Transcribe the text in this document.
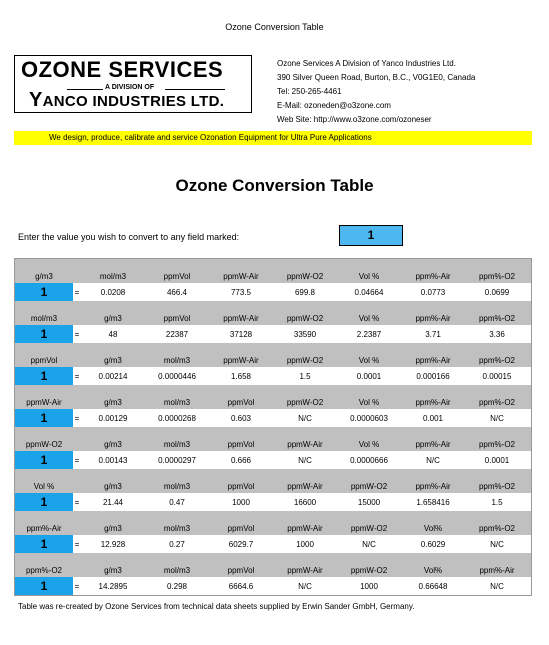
Ozone Conversion Table
OZONE SERVICES
A DIVISION OF
YANCO INDUSTRIES LTD.
Ozone Services A Division of Yanco Industries Ltd.
390 Silver Queen Road, Burton, B.C., V0G1E0, Canada
Tel: 250-265-4461
E-Mail: ozoneden@o3zone.com
Web Site: http://www.o3zone.com/ozoneser
We design, produce, calibrate and service Ozonation Equipment for Ultra Pure Applications
Ozone Conversion Table
Enter the value you wish to convert to any field marked:	1
g/m3	mol/m3	ppmVol	ppmW-Air	ppmW-O2	Vol %	ppm%-Air	ppm%-O2
1	=	0.0208	466.4	773.5	699.8	0.04664	0.0773	0.0699
mol/m3	g/m3	ppmVol	ppmW-Air	ppmW-O2	Vol %	ppm%-Air	ppm%-O2
1	=	48	22387	37128	33590	2.2387	3.71	3.36
ppmVol	g/m3	mol/m3	ppmW-Air	ppmW-O2	Vol %	ppm%-Air	ppm%-O2
1	=	0.00214	0.0000446	1.658	1.5	0.0001	0.000166	0.00015
ppmW-Air	g/m3	mol/m3	ppmVol	ppmW-O2	Vol %	ppm%-Air	ppm%-O2
1	=	0.00129	0.0000268	0.603	N/C	0.0000603	0.001	N/C
ppmW-O2	g/m3	mol/m3	ppmVol	ppmW-Air	Vol %	ppm%-Air	ppm%-O2
1	=	0.00143	0.0000297	0.666	N/C	0.0000666	N/C	0.0001
Vol %	g/m3	mol/m3	ppmVol	ppmW-Air	ppmW-O2	ppm%-Air	ppm%-O2
1	=	21.44	0.47	1000	16600	15000	1.658416	1.5
ppm%-Air	g/m3	mol/m3	ppmVol	ppmW-Air	ppmW-O2	Vol%	ppm%-O2
1	=	12.928	0.27	6029.7	1000	N/C	0.6029	N/C
ppm%-O2	g/m3	mol/m3	ppmVol	ppmW-Air	ppmW-O2	Vol%	ppm%-Air
1	=	14.2895	0.298	6664.6	N/C	1000	0.66648	N/C
Table was re-created by Ozone Services from technical data sheets supplied by Erwin Sander GmbH, Germany.
